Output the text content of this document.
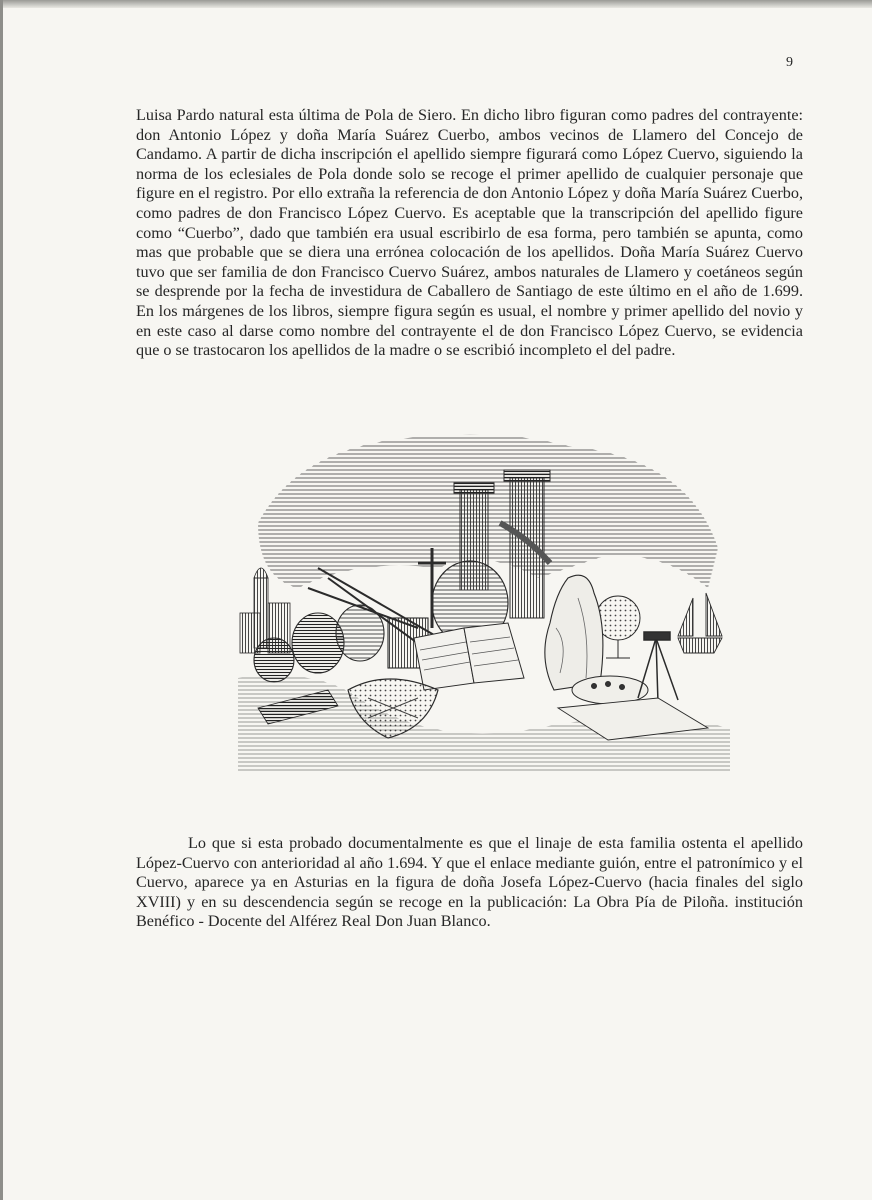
9

Luisa Pardo natural esta última de Pola de Siero. En dicho libro figuran como padres del contrayente: don Antonio López y doña María Suárez Cuerbo, ambos vecinos de Llamero del Concejo de Candamo. A partir de dicha inscripción el apellido siempre figurará como López Cuervo, siguiendo la norma de los eclesiales de Pola donde solo se recoge el primer apellido de cualquier personaje que figure en el registro. Por ello extraña la referencia de don Antonio López y doña María Suárez Cuerbo, como padres de don Francisco López Cuervo. Es aceptable que la transcripción del apellido figure como “Cuerbo”, dado que también era usual escribirlo de esa forma, pero también se apunta, como mas que probable que se diera una errónea colocación de los apellidos. Doña María Suárez Cuervo tuvo que ser familia de don Francisco Cuervo Suárez, ambos naturales de Llamero y coetáneos según se desprende por la fecha de investidura de Caballero de Santiago de este último en el año de 1.699. En los márgenes de los libros, siempre figura según es usual, el nombre y primer apellido del novio y en este caso al darse como nombre del contrayente el de don Francisco López Cuervo, se evidencia que o se trastocaron los apellidos de la madre o se escribió incompleto el del padre.

Lo que si esta probado documentalmente es que el linaje de esta familia ostenta el apellido López-Cuervo con anterioridad al año 1.694. Y que el enlace mediante guión, entre el patronímico y el Cuervo, aparece ya en Asturias en la figura de doña Josefa López-Cuervo (hacia finales del siglo XVIII) y en su descendencia según se recoge en la publicación: La Obra Pía de Piloña. institución Benéfico - Docente del Alférez Real Don Juan Blanco.
